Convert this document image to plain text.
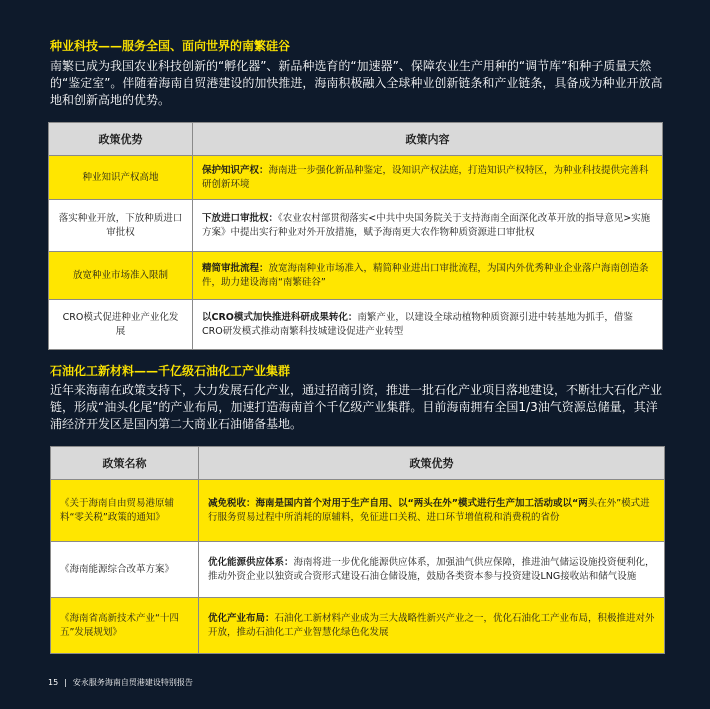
种业科技——服务全国、面向世界的南繁硅谷
南繁已成为我国农业科技创新的“孵化器”、新品种选育的“加速器”、保障农业生产用种的“调节库”和种子质量天然的“鉴定室”。伴随着海南自贸港建设的加快推进，海南积极融入全球种业创新链条和产业链条，具备成为种业开放高地和创新高地的优势。
政策优势	政策内容
种业知识产权高地	保护知识产权：海南进一步强化新品种鉴定，设知识产权法庭，打造知识产权特区，为种业科技提供完善科研创新环境
落实种业开放，下放种质进口审批权	下放进口审批权：《农业农村部贯彻落实<中共中央国务院关于支持海南全面深化改革开放的指导意见>实施方案》中提出实行种业对外开放措施，赋予海南更大农作物种质资源进口审批权
放宽种业市场准入限制	精简审批流程：放宽海南种业市场准入，精简种业进出口审批流程，为国内外优秀种业企业落户海南创造条件，助力建设海南“南繁硅谷”
CRO模式促进种业产业化发展	以CRO模式加快推进科研成果转化：南繁产业，以建设全球动植物种质资源引进中转基地为抓手，借鉴CRO研发模式推动南繁科技城建设促进产业转型
石油化工新材料——千亿级石油化工产业集群
近年来海南在政策支持下，大力发展石化产业，通过招商引资，推进一批石化产业项目落地建设，不断壮大石化产业链，形成“油头化尾”的产业布局，加速打造海南首个千亿级产业集群。目前海南拥有全国1/3油气资源总储量，其洋浦经济开发区是国内第二大商业石油储备基地。
政策名称	政策优势
《关于海南自由贸易港原辅料“零关税”政策的通知》	减免税收：海南是国内首个对用于生产自用、以“两头在外”模式进行生产加工活动或以“两头在外”模式进行服务贸易过程中所消耗的原辅料，免征进口关税、进口环节增值税和消费税的省份
《海南能源综合改革方案》	优化能源供应体系：海南将进一步优化能源供应体系，加强油气供应保障，推进油气储运设施投资便利化，推动外资企业以独资或合资形式建设石油仓储设施，鼓励各类资本参与投资建设LNG接收站和储气设施
《海南省高新技术产业“十四五”发展规划》	优化产业布局：石油化工新材料产业成为三大战略性新兴产业之一，优化石油化工产业布局，积极推进对外开放，推动石油化工产业智慧化绿色化发展
15 | 安永服务海南自贸港建设特别报告
